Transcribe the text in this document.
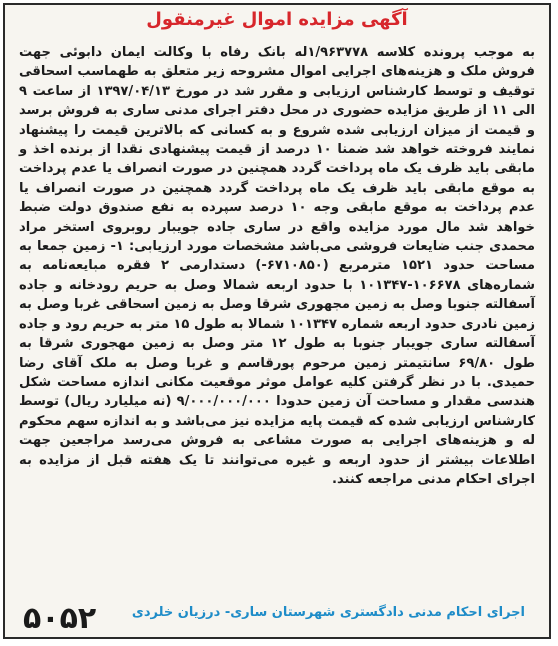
آگهی مزایده اموال غیرمنقول

به موجب پرونده کلاسه ۱/۹۶۳۷۷۸له بانک رفاه با وکالت ایمان دابوئی جهت فروش ملک و هزینه‌های اجرایی اموال مشروحه زیر متعلق به طهماسب اسحاقی توقیف و توسط کارشناس ارزیابی و مقرر شد در مورخ ۱۳۹۷/۰۴/۱۳ از ساعت ۹ الی ۱۱ از طریق مزایده حضوری در محل دفتر اجرای مدنی ساری به فروش برسد و قیمت از میزان ارزیابی شده شروع و به کسانی که بالاترین قیمت را پیشنهاد نمایند فروخته خواهد شد ضمنا ۱۰ درصد از قیمت پیشنهادی نقدا از برنده اخذ و مابقی باید ظرف یک ماه پرداخت گردد همچنین در صورت انصراف یا عدم پرداخت به موقع مابقی باید ظرف یک ماه پرداخت گردد همچنین در صورت انصراف یا عدم پرداخت به موقع مابقی وجه ۱۰ درصد سپرده به نفع صندوق دولت ضبط خواهد شد مال مورد مزایده واقع در ساری جاده جویبار روبروی استخر مراد محمدی جنب ضایعات فروشی می‌باشد مشخصات مورد ارزیابی: ۱- زمین جمعا به مساحت حدود ۱۵۲۱ مترمربع (۶۷۱۰۸۵۰-) دستدارمی ۲ فقره مبایعه‌نامه به شماره‌های ۱۰۶۶۷۸-۱۰۱۳۴۷ با حدود اربعه شمالا وصل به حریم رودخانه و جاده آسفالته جنوبا وصل به زمین مجهوری شرقا وصل به زمین اسحاقی غربا وصل به زمین نادری حدود اربعه شماره ۱۰۱۳۴۷ شمالا به طول ۱۵ متر به حریم رود و جاده آسفالته ساری جویبار جنوبا به طول ۱۲ متر وصل به زمین مهجوری شرقا به طول ۶۹/۸۰ سانتیمتر زمین مرحوم پورقاسم و غربا وصل به ملک آقای رضا حمیدی. با در نظر گرفتن کلیه عوامل موثر موقعیت مکانی اندازه مساحت شکل هندسی مقدار و مساحت آن زمین حدودا ۹/۰۰۰/۰۰۰/۰۰۰ (نه میلیارد ریال) توسط کارشناس ارزیابی شده که قیمت پایه مزایده نیز می‌باشد و به اندازه سهم محکوم له و هزینه‌های اجرایی به صورت مشاعی به فروش می‌رسد مراجعین جهت اطلاعات بیشتر از حدود اربعه و غیره می‌توانند تا یک هفته قبل از مزایده به اجرای احکام مدنی مراجعه کنند.

اجرای احکام مدنی دادگستری شهرستان ساری- درزیان خلردی
۵۰۵۲
